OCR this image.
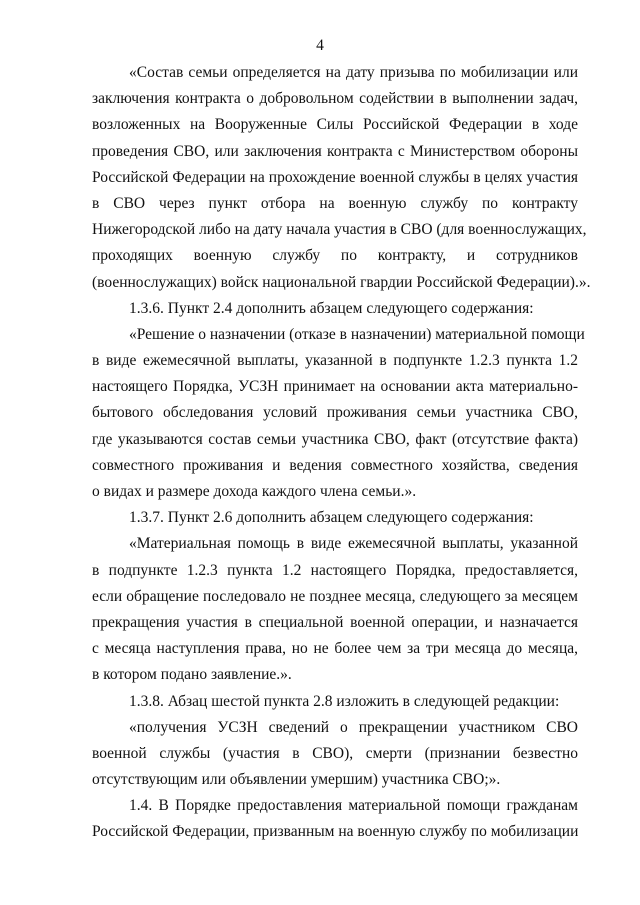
4
«Состав семьи определяется на дату призыва по мобилизации или
заключения контракта о добровольном содействии в выполнении задач,
возложенных на Вооруженные Силы Российской Федерации в ходе
проведения СВО, или заключения контракта с Министерством обороны
Российской Федерации на прохождение военной службы в целях участия
в СВО через пункт отбора на военную службу по контракту
Нижегородской либо на дату начала участия в СВО (для военнослужащих,
проходящих военную службу по контракту, и сотрудников
(военнослужащих) войск национальной гвардии Российской Федерации).».
1.3.6. Пункт 2.4 дополнить абзацем следующего содержания:
«Решение о назначении (отказе в назначении) материальной помощи
в виде ежемесячной выплаты, указанной в подпункте 1.2.3 пункта 1.2
настоящего Порядка, УСЗН принимает на основании акта материально-
бытового обследования условий проживания семьи участника СВО,
где указываются состав семьи участника СВО, факт (отсутствие факта)
совместного проживания и ведения совместного хозяйства, сведения
о видах и размере дохода каждого члена семьи.».
1.3.7. Пункт 2.6 дополнить абзацем следующего содержания:
«Материальная помощь в виде ежемесячной выплаты, указанной
в подпункте 1.2.3 пункта 1.2 настоящего Порядка, предоставляется,
если обращение последовало не позднее месяца, следующего за месяцем
прекращения участия в специальной военной операции, и назначается
с месяца наступления права, но не более чем за три месяца до месяца,
в котором подано заявление.».
1.3.8. Абзац шестой пункта 2.8 изложить в следующей редакции:
«получения УСЗН сведений о прекращении участником СВО
военной службы (участия в СВО), смерти (признании безвестно
отсутствующим или объявлении умершим) участника СВО;».
1.4. В Порядке предоставления материальной помощи гражданам
Российской Федерации, призванным на военную службу по мобилизации
